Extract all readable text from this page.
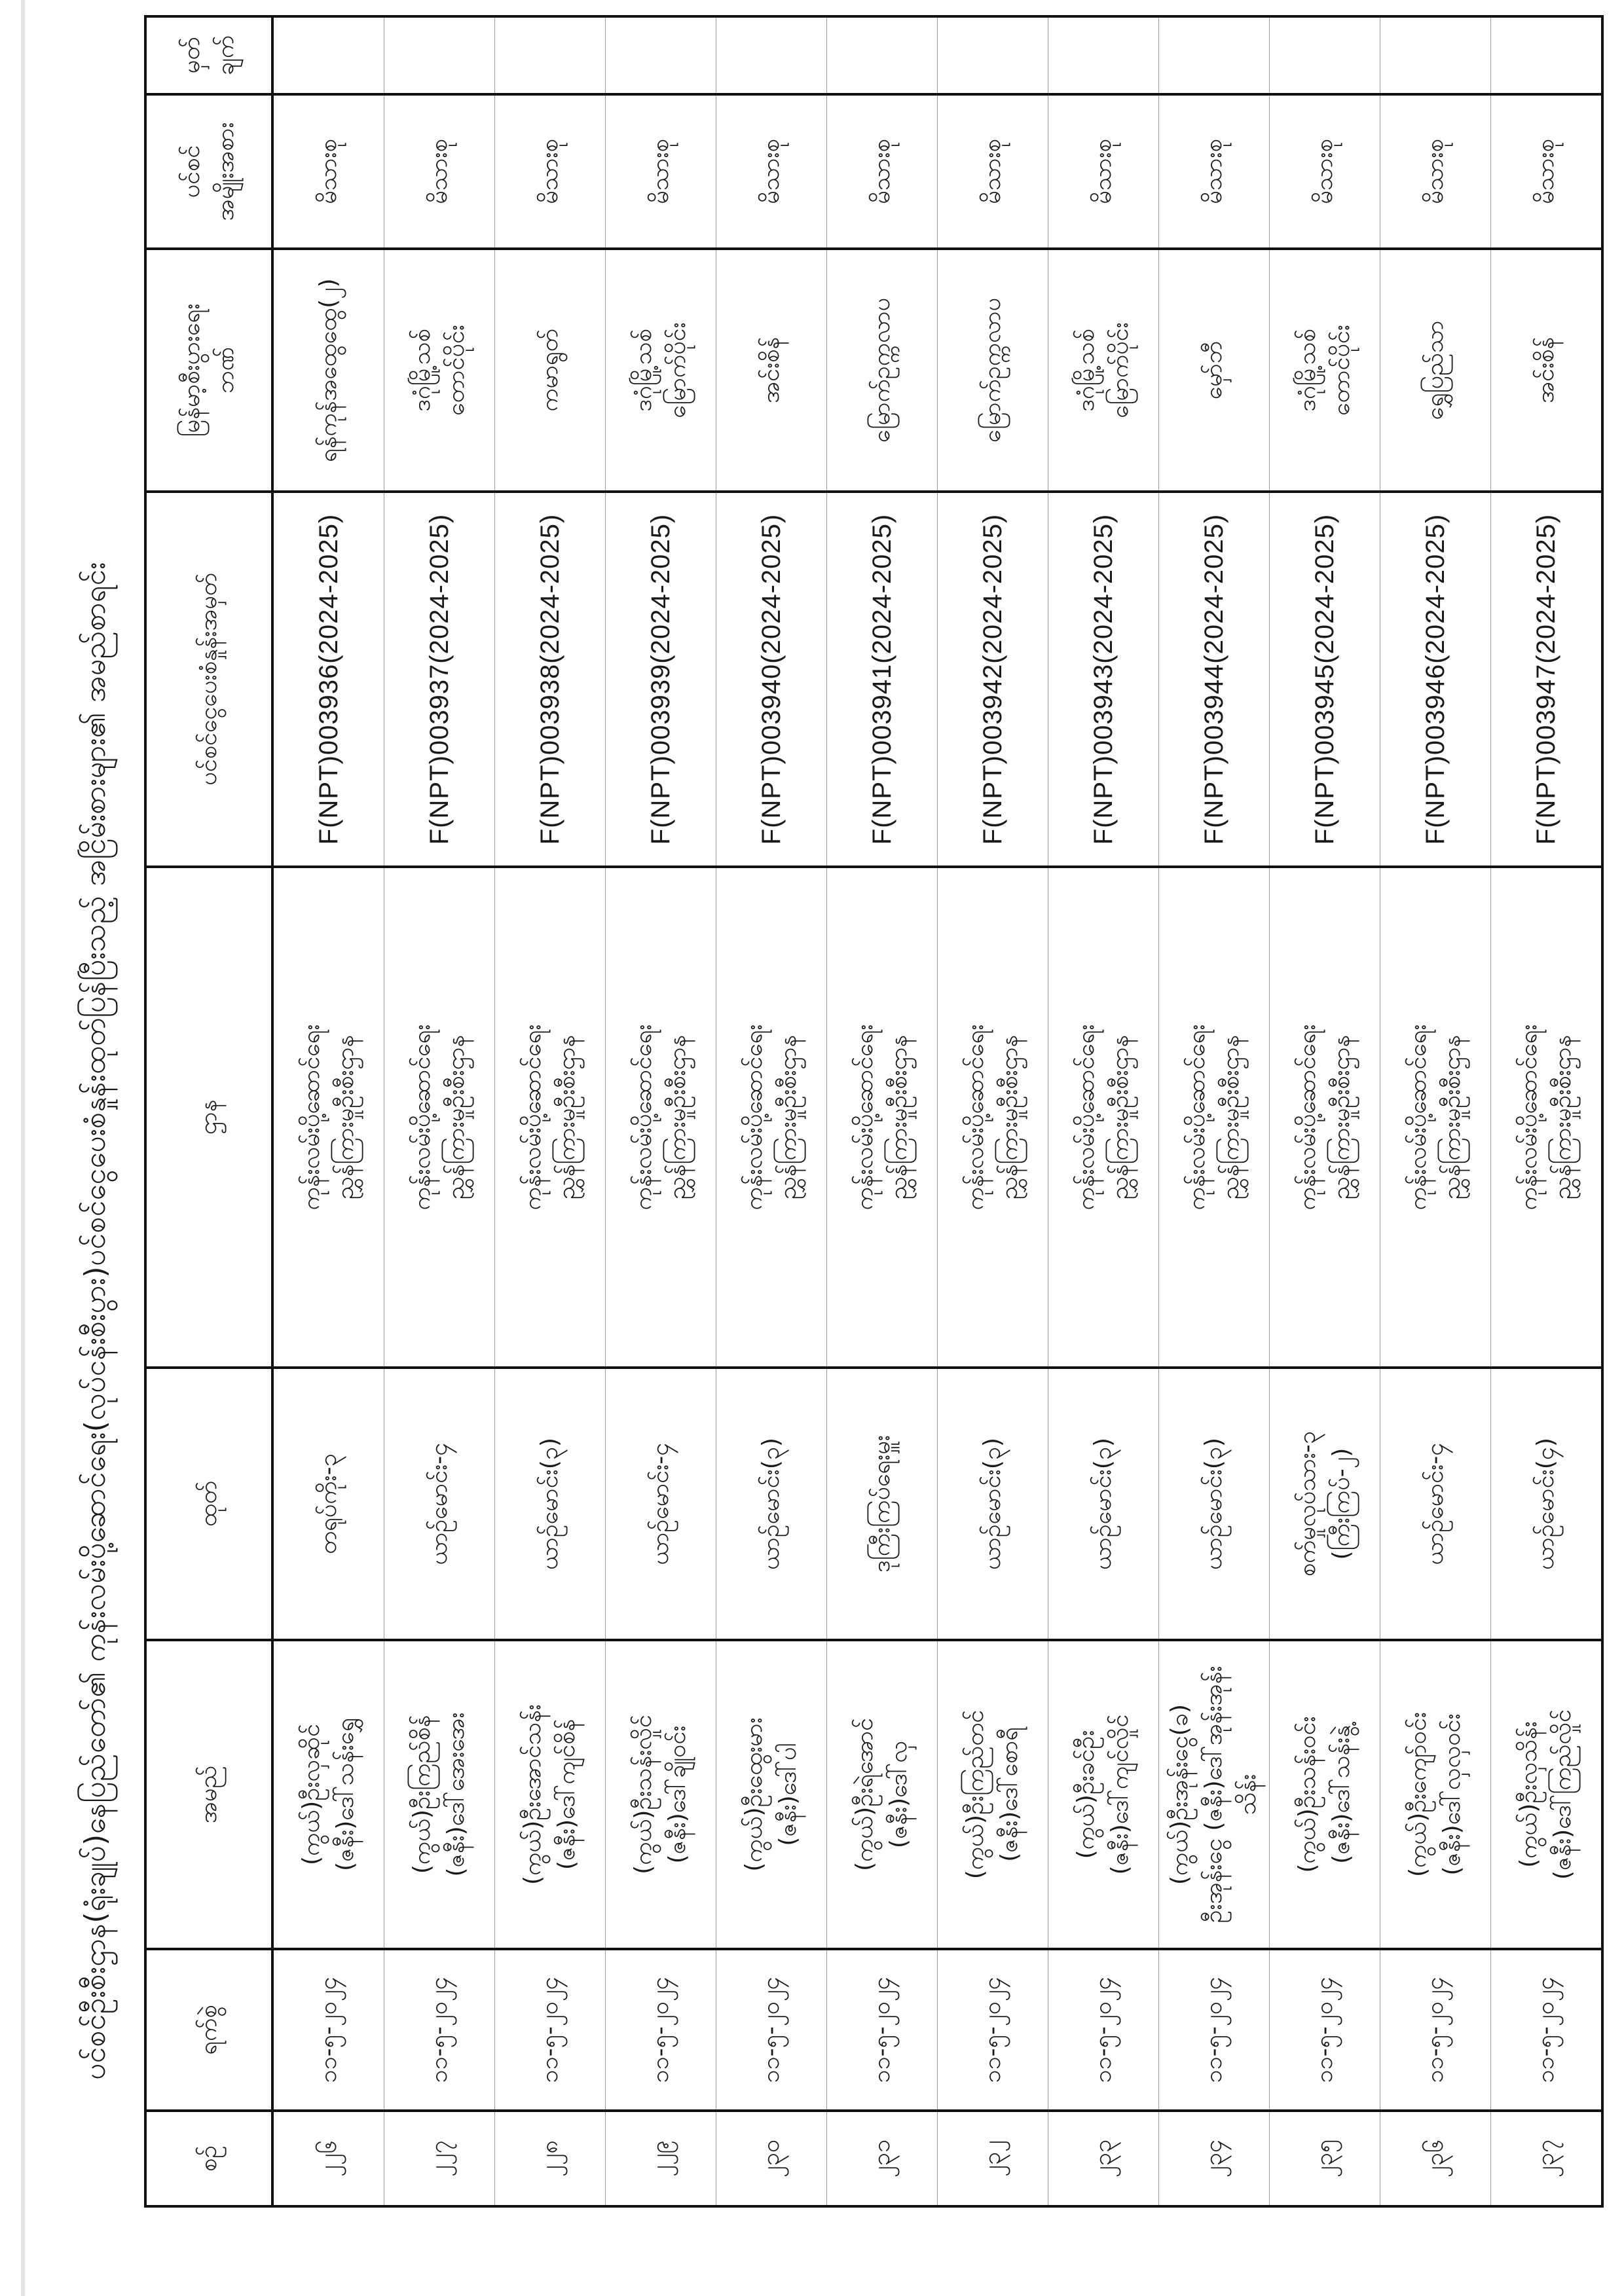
ပင်စင်ဦးစီးဌာန(ရုံးချုပ်)နေပြည်တော်၏ ကုန်းလမ်းပို့ဆောင်ရေး(လုပ်ငန်းစီးပွား)ပင်စင်ငွေပေးစံနှုန်းထုတ်ပြန်ပြီးသည့် အငြိမ်းစားများ၏ အမည်စာရင်း
စဉ်	ရက်စွဲ	အမည်	ထုတ်	ဌာန	ပင်စင်ငွေပေးစံနှုန်းအမှတ်	မြန်မာ့စီးပွားရေး ဘဏ်	ပင်စင် အမျိုးအစား	မှတ် ချက်

၂၂၆	၁၁-၅-၂၀၂၄	(ကွယ်)ဦးလှဆိုင် (ဇနီး)ဒေါ်သန်းရွှေ	တရုပ်ကိုး-၃	ကုန်းလမ်းပို့ဆောင်ရေး ညွှန်ကြားမှုဦးစီးဌာန	F(NPT)003936(2024-2025)	ရန်ကုန်အထွေထွေ(၂)	မိသားစု	
၂၂၇	၁၁-၅-၂၀၂၄	(ကွယ်)ဦးကြည်စိန် (ဇနီး)ဒေါ်အေးအေး	ယာဉ်မောင်း-၄	ကုန်းလမ်းပို့ဆောင်ရေး ညွှန်ကြားမှုဦးစီးဌာန	F(NPT)003937(2024-2025)	ဒဂုံမြို့သစ် တောင်ပိုင်း	မိသားစု	
၂၂၈	၁၁-၅-၂၀၂၄	(ကွယ်)ဦးအောင်သန်း (ဇနီး)ဒေါ်ကျင်စိန်	ယာဉ်မောင်း(၃)	ကုန်းလမ်းပို့ဆောင်ရေး ညွှန်ကြားမှုဦးစီးဌာန	F(NPT)003938(2024-2025)	ကမာရွတ်	မိသားစု	
၂၂၉	၁၁-၅-၂၀၂၄	(ကွယ်)ဦးသန်းလှိုင် (ဇနီး)ဒေါ်ချိုဝင်း	ယာဉ်မောင်း-၄	ကုန်းလမ်းပို့ဆောင်ရေး ညွှန်ကြားမှုဦးစီးဌာန	F(NPT)003939(2024-2025)	ဒဂုံမြို့သစ် မြောက်ပိုင်း	မိသားစု	
၂၃၀	၁၁-၅-၂၀၂၄	(ကွယ်)ဦးထွေးမား (ဇနီး)ဒေါ်ပါ	ယာဉ်မောင်း(၃)	ကုန်းလမ်းပို့ဆောင်ရေး ညွှန်ကြားမှုဦးစီးဌာန	F(NPT)003940(2024-2025)	အင်းစိန်	မိသားစု	
၂၃၁	၁၁-၅-၂၀၂၄	(ကွယ်)ဦးရဲအောင် (ဇနီး)ဒေါ်လှ	ဒုကြီးကြပ်ရေးမှူး	ကုန်းလမ်းပို့ဆောင်ရေး ညွှန်ကြားမှုဦးစီးဌာန	F(NPT)003941(2024-2025)	မြောက်ဥက္ကလာပ	မိသားစု	
၂၃၂	၁၁-၅-၂၀၂၄	(ကွယ်)ဦးကြည်တင် (ဇနီး)ဒေါ်စောရီ	ယာဉ်မောင်း(၃)	ကုန်းလမ်းပို့ဆောင်ရေး ညွှန်ကြားမှုဦးစီးဌာန	F(NPT)003942(2024-2025)	မြောက်ဥက္ကလာပ	မိသားစု	
၂၃၃	၁၁-၅-၂၀၂၄	(ကွယ်)ဦးခင်ဦး (ဇနီး)ဒေါ်ကျင်လှိုင်	ယာဉ်မောင်း(၃)	ကုန်းလမ်းပို့ဆောင်ရေး ညွှန်ကြားမှုဦးစီးဌာန	F(NPT)003943(2024-2025)	ဒဂုံမြို့သစ် မြောက်ပိုင်း	မိသားစု	
၂၃၄	၁၁-၅-၂၀၂၄	(ကွယ်)ဦးအုန်းငွေ(ခ) ဦးအုန်းငွေ (ဇနီး)ဒေါ်အုန်းအုန်းသိန်း	ယာဉ်မောင်း(၃)	ကုန်းလမ်းပို့ဆောင်ရေး ညွှန်ကြားမှုဦးစီးဌာန	F(NPT)003944(2024-2025)	မှော်ဘီ	မိသားစု	
၂၃၅	၁၁-၅-၂၀၂၄	(ကွယ်)ဦးသန်းဝင်း (ဇနီး)ဒေါ်သန်းနွဲ့	စက်မှုလုပ်သား-၃ (ကြီးကြပ်-၂)	ကုန်းလမ်းပို့ဆောင်ရေး ညွှန်ကြားမှုဦးစီးဌာန	F(NPT)003945(2024-2025)	ဒဂုံမြို့သစ် တောင်ပိုင်း	မိသားစု	
၂၃၆	၁၁-၅-၂၀၂၄	(ကွယ်)ဦးကျော်ဝင်း (ဇနီး)ဒေါ်လှလှဝင်း	ယာဉ်မောင်း-၄	ကုန်းလမ်းပို့ဆောင်ရေး ညွှန်ကြားမှုဦးစီးဌာန	F(NPT)003946(2024-2025)	ရွှေပြည်သာ	မိသားစု	
၂၃၇	၁၁-၅-၂၀၂၄	(ကွယ်)ဦးလှသိန်း (ဇနီး)ဒေါ်ကြည်လှိုင်	ယာဉ်မောင်း(၄)	ကုန်းလမ်းပို့ဆောင်ရေး ညွှန်ကြားမှုဦးစီးဌာန	F(NPT)003947(2024-2025)	အင်းစိန်	မိသားစု	
